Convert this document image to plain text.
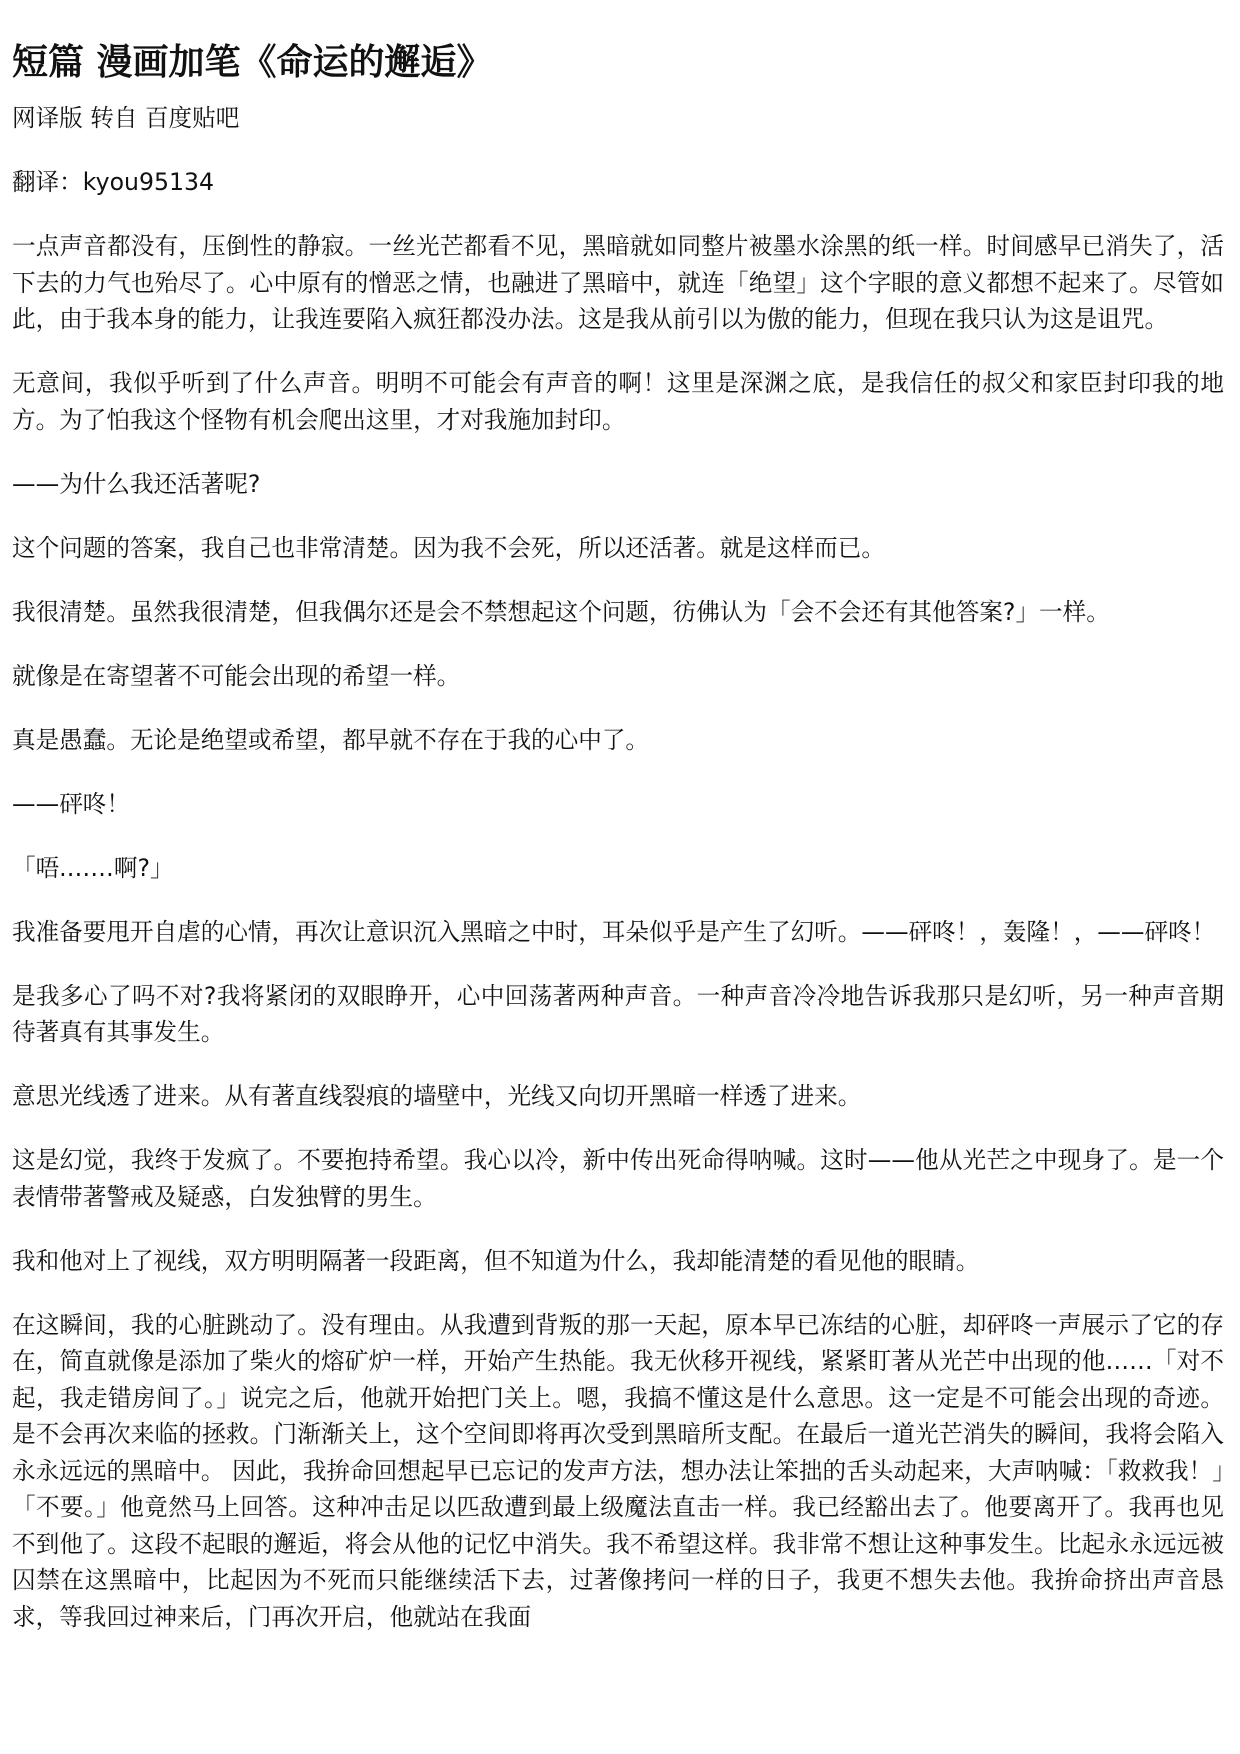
短篇 漫画加笔《命运的邂逅》

网译版 转自 百度贴吧

翻译：kyou95134

一点声音都没有，压倒性的静寂。一丝光芒都看不见，黑暗就如同整片被墨水涂黑的纸一样。时间感早已消失了，活下去的力气也殆尽了。心中原有的憎恶之情，也融进了黑暗中，就连「绝望」这个字眼的意义都想不起来了。尽管如此，由于我本身的能力，让我连要陷入疯狂都没办法。这是我从前引以为傲的能力，但现在我只认为这是诅咒。

无意间，我似乎听到了什么声音。明明不可能会有声音的啊！这里是深渊之底，是我信任的叔父和家臣封印我的地方。为了怕我这个怪物有机会爬出这里，才对我施加封印。

——为什么我还活著呢?

这个问题的答案，我自己也非常清楚。因为我不会死，所以还活著。就是这样而已。

我很清楚。虽然我很清楚，但我偶尔还是会不禁想起这个问题，彷佛认为「会不会还有其他答案?」一样。

就像是在寄望著不可能会出现的希望一样。

真是愚蠢。无论是绝望或希望，都早就不存在于我的心中了。

——砰咚！

「唔.……啊?」

我准备要甩开自虐的心情，再次让意识沉入黑暗之中时，耳朵似乎是产生了幻听。——砰咚！，轰隆！，——砰咚！

是我多心了吗不对?我将紧闭的双眼睁开，心中回荡著两种声音。一种声音冷冷地告诉我那只是幻听，另一种声音期待著真有其事发生。

意思光线透了进来。从有著直线裂痕的墙壁中，光线又向切开黑暗一样透了进来。

这是幻觉，我终于发疯了。不要抱持希望。我心以冷，新中传出死命得呐喊。这时——他从光芒之中现身了。是一个表情带著警戒及疑惑，白发独臂的男生。

我和他对上了视线，双方明明隔著一段距离，但不知道为什么，我却能清楚的看见他的眼睛。

在这瞬间，我的心脏跳动了。没有理由。从我遭到背叛的那一天起，原本早已冻结的心脏，却砰咚一声展示了它的存在，简直就像是添加了柴火的熔矿炉一样，开始产生热能。我无伙移开视线，紧紧盯著从光芒中出现的他……「对不起，我走错房间了。」说完之后，他就开始把门关上。嗯，我搞不懂这是什么意思。这一定是不可能会出现的奇迹。是不会再次来临的拯救。门渐渐关上，这个空间即将再次受到黑暗所支配。在最后一道光芒消失的瞬间，我将会陷入永永远远的黑暗中。 因此，我拚命回想起早已忘记的发声方法，想办法让笨拙的舌头动起来，大声呐喊：「救救我！」「不要。」他竟然马上回答。这种冲击足以匹敌遭到最上级魔法直击一样。我已经豁出去了。他要离开了。我再也见不到他了。这段不起眼的邂逅，将会从他的记忆中消失。我不希望这样。我非常不想让这种事发生。比起永永远远被囚禁在这黑暗中，比起因为不死而只能继续活下去，过著像拷问一样的日子，我更不想失去他。我拚命挤出声音恳求，等我回过神来后，门再次开启，他就站在我面
